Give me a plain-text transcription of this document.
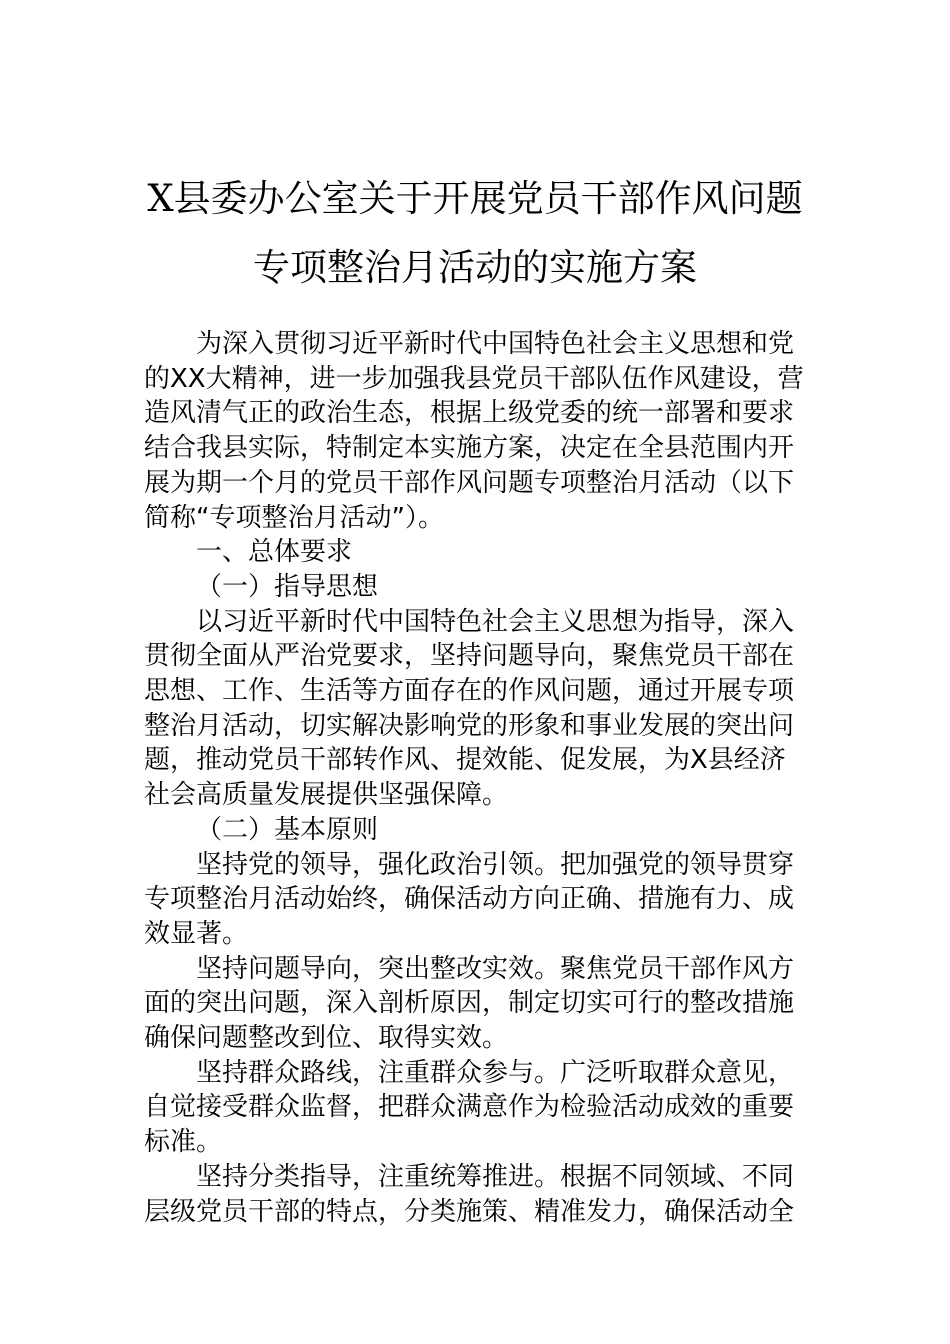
X县委办公室关于开展党员干部作风问题
专项整治月活动的实施方案
为深入贯彻习近平新时代中国特色社会主义思想和党
的XX大精神，进一步加强我县党员干部队伍作风建设，营
造风清气正的政治生态，根据上级党委的统一部署和要求
结合我县实际，特制定本实施方案，决定在全县范围内开
展为期一个月的党员干部作风问题专项整治月活动（以下
简称“专项整治月活动”）。
一、总体要求
（一）指导思想
以习近平新时代中国特色社会主义思想为指导，深入
贯彻全面从严治党要求，坚持问题导向，聚焦党员干部在
思想、工作、生活等方面存在的作风问题，通过开展专项
整治月活动，切实解决影响党的形象和事业发展的突出问
题，推动党员干部转作风、提效能、促发展，为X县经济
社会高质量发展提供坚强保障。
（二）基本原则
坚持党的领导，强化政治引领。把加强党的领导贯穿
专项整治月活动始终，确保活动方向正确、措施有力、成
效显著。
坚持问题导向，突出整改实效。聚焦党员干部作风方
面的突出问题，深入剖析原因，制定切实可行的整改措施
确保问题整改到位、取得实效。
坚持群众路线，注重群众参与。广泛听取群众意见，
自觉接受群众监督，把群众满意作为检验活动成效的重要
标准。
坚持分类指导，注重统筹推进。根据不同领域、不同
层级党员干部的特点，分类施策、精准发力，确保活动全
